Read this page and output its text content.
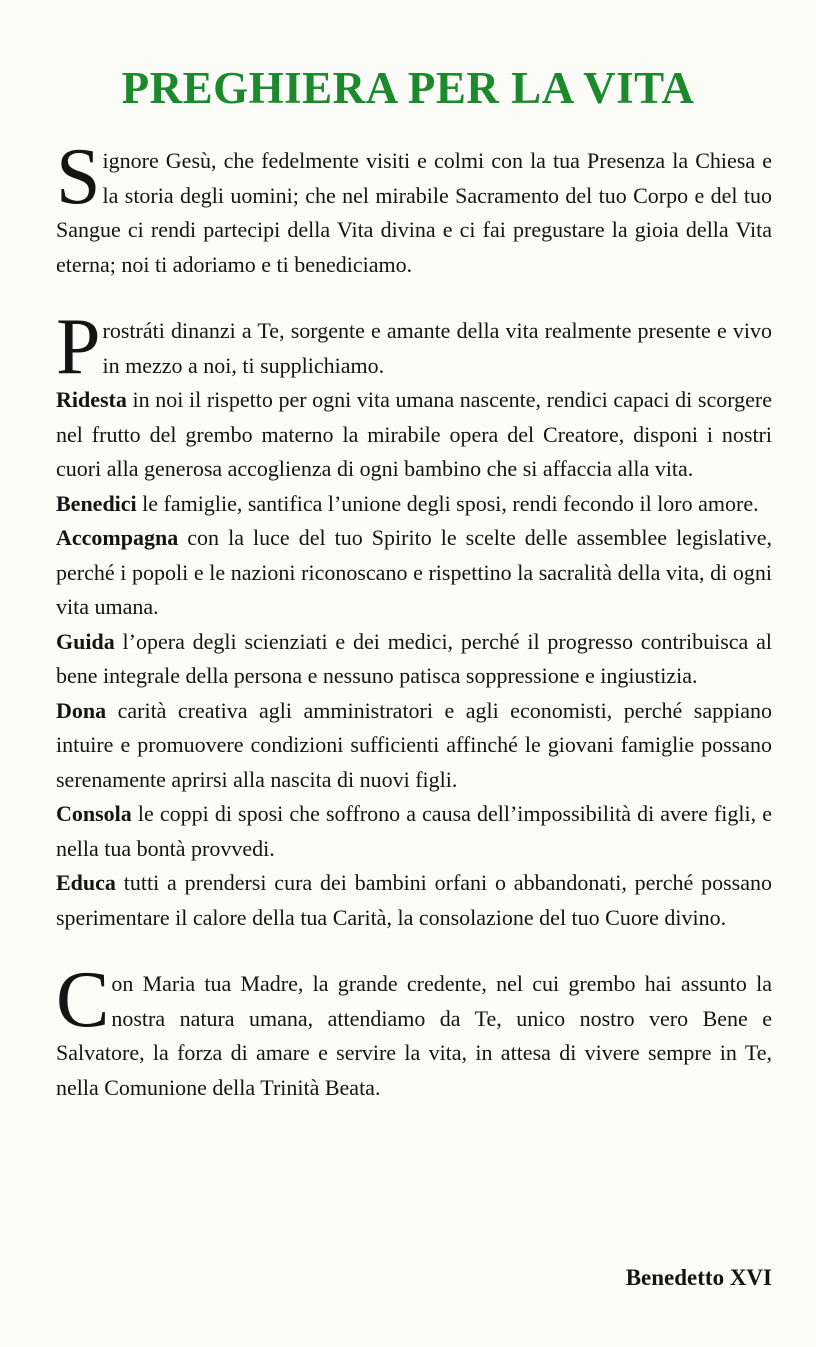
PREGHIERA PER LA VITA

Signore Gesù, che fedelmente visiti e colmi con la tua Presenza la Chiesa e la storia degli uomini; che nel mirabile Sacramento del tuo Corpo e del tuo Sangue ci rendi partecipi della Vita divina e ci fai pregustare la gioia della Vita eterna; noi ti adoriamo e ti benediciamo.

Prostráti dinanzi a Te, sorgente e amante della vita realmente presente e vivo in mezzo a noi, ti supplichiamo.

Ridesta in noi il rispetto per ogni vita umana nascente, rendici capaci di scorgere nel frutto del grembo materno la mirabile opera del Creatore, disponi i nostri cuori alla generosa accoglienza di ogni bambino che si affaccia alla vita.

Benedici le famiglie, santifica l’unione degli sposi, rendi fecondo il loro amore.

Accompagna con la luce del tuo Spirito le scelte delle assemblee legislative, perché i popoli e le nazioni riconoscano e rispettino la sacralità della vita, di ogni vita umana.

Guida l’opera degli scienziati e dei medici, perché il progresso contribuisca al bene integrale della persona e nessuno patisca soppressione e ingiustizia.

Dona carità creativa agli amministratori e agli economisti, perché sappiano intuire e promuovere condizioni sufficienti affinché le giovani famiglie possano serenamente aprirsi alla nascita di nuovi figli.

Consola le coppi di sposi che soffrono a causa dell’impossibilità di avere figli, e nella tua bontà provvedi.

Educa tutti a prendersi cura dei bambini orfani o abbandonati, perché possano sperimentare il calore della tua Carità, la consolazione del tuo Cuore divino.

Con Maria tua Madre, la grande credente, nel cui grembo hai assunto la nostra natura umana, attendiamo da Te, unico nostro vero Bene e Salvatore, la forza di amare e servire la vita, in attesa di vivere sempre in Te, nella Comunione della Trinità Beata.

Benedetto XVI
